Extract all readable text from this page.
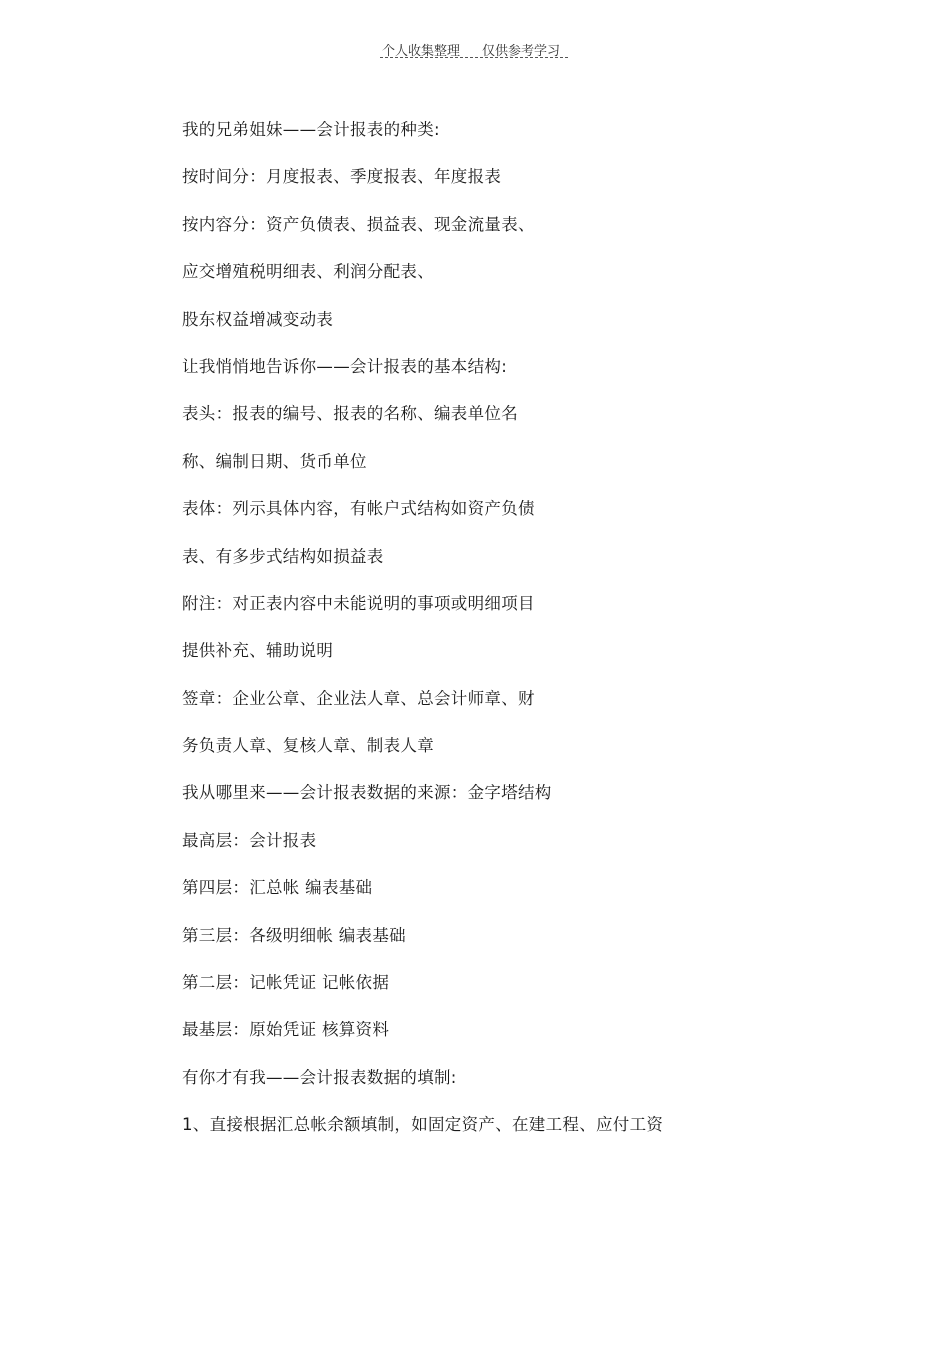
个人收集整理 仅供参考学习
我的兄弟姐妹——会计报表的种类:
按时间分：月度报表、季度报表、年度报表
按内容分：资产负债表、损益表、现金流量表、
应交增殖税明细表、利润分配表、
股东权益增减变动表
让我悄悄地告诉你——会计报表的基本结构:
表头：报表的编号、报表的名称、编表单位名
称、编制日期、货币单位
表体：列示具体内容，有帐户式结构如资产负债
表、有多步式结构如损益表
附注：对正表内容中未能说明的事项或明细项目
提供补充、辅助说明
签章：企业公章、企业法人章、总会计师章、财
务负责人章、复核人章、制表人章
我从哪里来——会计报表数据的来源：金字塔结构
最高层：会计报表
第四层：汇总帐 编表基础
第三层：各级明细帐 编表基础
第二层：记帐凭证 记帐依据
最基层：原始凭证 核算资料
有你才有我——会计报表数据的填制:
1、直接根据汇总帐余额填制，如固定资产、在建工程、应付工资
